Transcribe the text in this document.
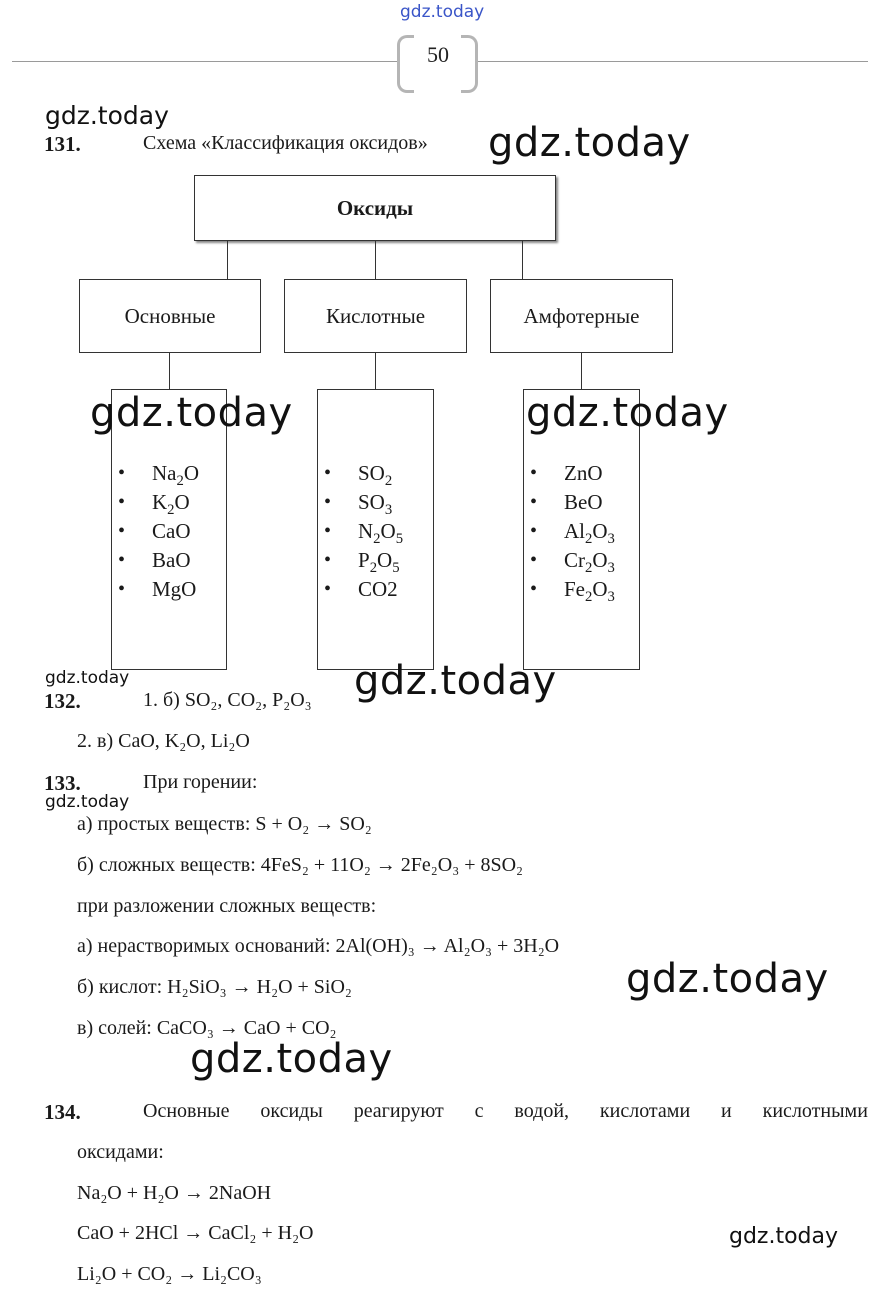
gdz.today
50
gdz.today
131.	Схема «Классификация оксидов» gdz.today
Оксиды
Основные	Кислотные	Амфотерные
• $Na_2O$
• $K_2O$
• CaO
• BaO
• MgO
• $SO_2$
• $SO_3$
• $N_2O_5$
• $P_2O_5$
• CO2
• ZnO
• BeO
• $Al_2O_3$
• $Cr_2O_3$
• $Fe_2O_3$
gdz.today	gdz.today
gdz.today	gdz.today
132.	1. б) SO₂, CO₂, P₂O₃
2. в) CaO, K₂O, Li₂O
133.	При горении:
gdz.today
а) простых веществ: S + O₂ → SO₂
б) сложных веществ: 4FeS₂ + 11O₂ → 2Fe₂O₃ + 8SO₂
при разложении сложных веществ:
а) нерастворимых оснований: 2Al(OH)₃ → Al₂O₃ + 3H₂O
б) кислот: H₂SiO₃ → H₂O + SiO₂
в) солей: CaCO₃ → CaO + CO₂
gdz.today
gdz.today
134.	Основные оксиды реагируют с водой, кислотами и кислотными
оксидами:
Na₂O + H₂O → 2NaOH
CaO + 2HCl → CaCl₂ + H₂O
Li₂O + CO₂ → Li₂CO₃
gdz.today
